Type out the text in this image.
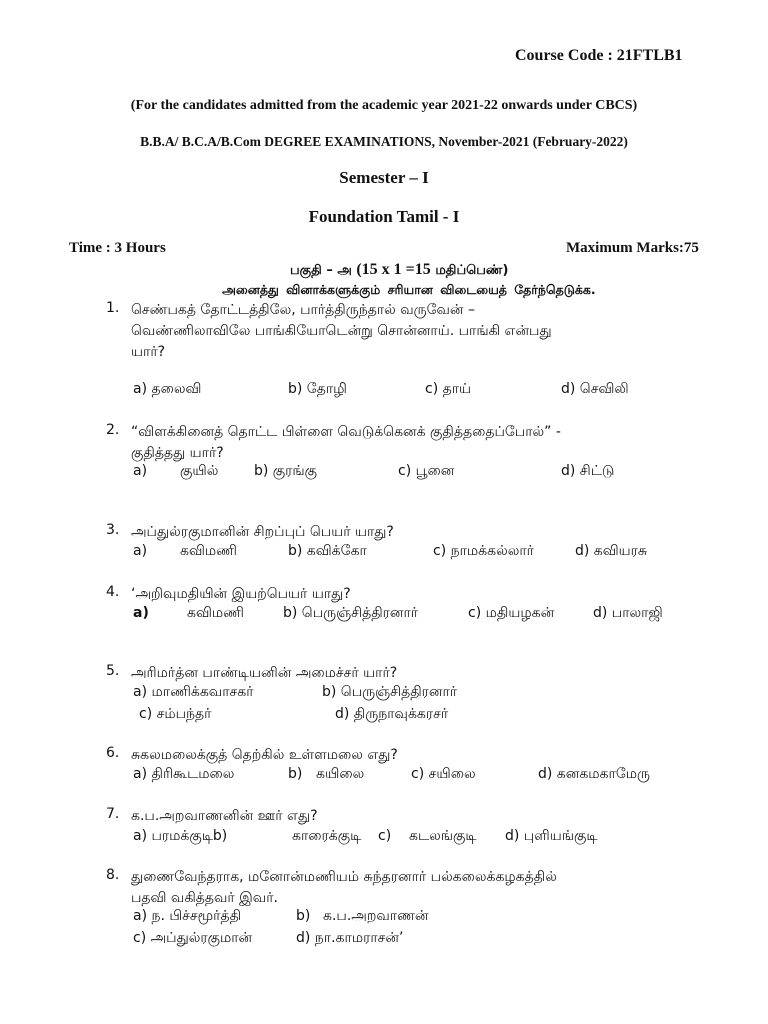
Course Code : 21FTLB1
(For the candidates admitted from the academic year 2021-22 onwards under CBCS)
B.B.A/ B.C.A/B.Com DEGREE EXAMINATIONS, November-2021 (February-2022)
Semester – I
Foundation Tamil - I
Time : 3 Hours	Maximum Marks:75
பகுதி – அ (15 x 1 =15 மதிப்பெண்)
அனைத்து வினாக்களுக்கும் சரியான விடையைத் தேர்ந்தெடுக்க.
1. செண்பகத் தோட்டத்திலே, பார்த்திருந்தால் வருவேன் –
வெண்ணிலாவிலே பாங்கியோடென்று சொன்னாய். பாங்கி என்பது
யார்?
a) தலைவி	b) தோழி	c) தாய்	d) செவிலி
2. “விளக்கினைத் தொட்ட பிள்ளை வெடுக்கெனக் குதித்ததைப்போல்” -
குதித்தது யார்?
a) குயில்	b) குரங்கு	c) பூனை	d) சிட்டு
3. அப்துல்ரகுமானின் சிறப்புப் பெயர் யாது?
a) கவிமணி	b) கவிக்கோ	c) நாமக்கல்லார்	d) கவியரசு
4. ‘அறிவுமதியின் இயற்பெயர் யாது?
a)	கவிமணி	b) பெருஞ்சித்திரனார்	c) மதியழகன்	d) பாலாஜி
5. அரிமர்த்ன பாண்டியனின் அமைச்சர் யார்?
a) மாணிக்கவாசகர்	b) பெருஞ்சித்திரனார்
c) சம்பந்தர்	d) திருநாவுக்கரசர்
6. சுகலமலைக்குத் தெற்கில் உள்ளமலை எது?
a) திரிகூடமலை	b) கயிலை	c) சயிலை	d) கனகமகாமேரு
7. க.ப.அறவாணனின் ஊர் எது?
a) பரமக்குடிb)	காரைக்குடி c) கடலங்குடி d) புளியங்குடி
8. துணைவேந்தராக, மனோன்மணியம் சுந்தரனார் பல்கலைக்கழகத்தில்
பதவி வகித்தவர் இவர்.
a) ந. பிச்சமூர்த்தி	b) க.ப.அறவாணன்
c) அப்துல்ரகுமான்	d) நா.காமராசன்’
